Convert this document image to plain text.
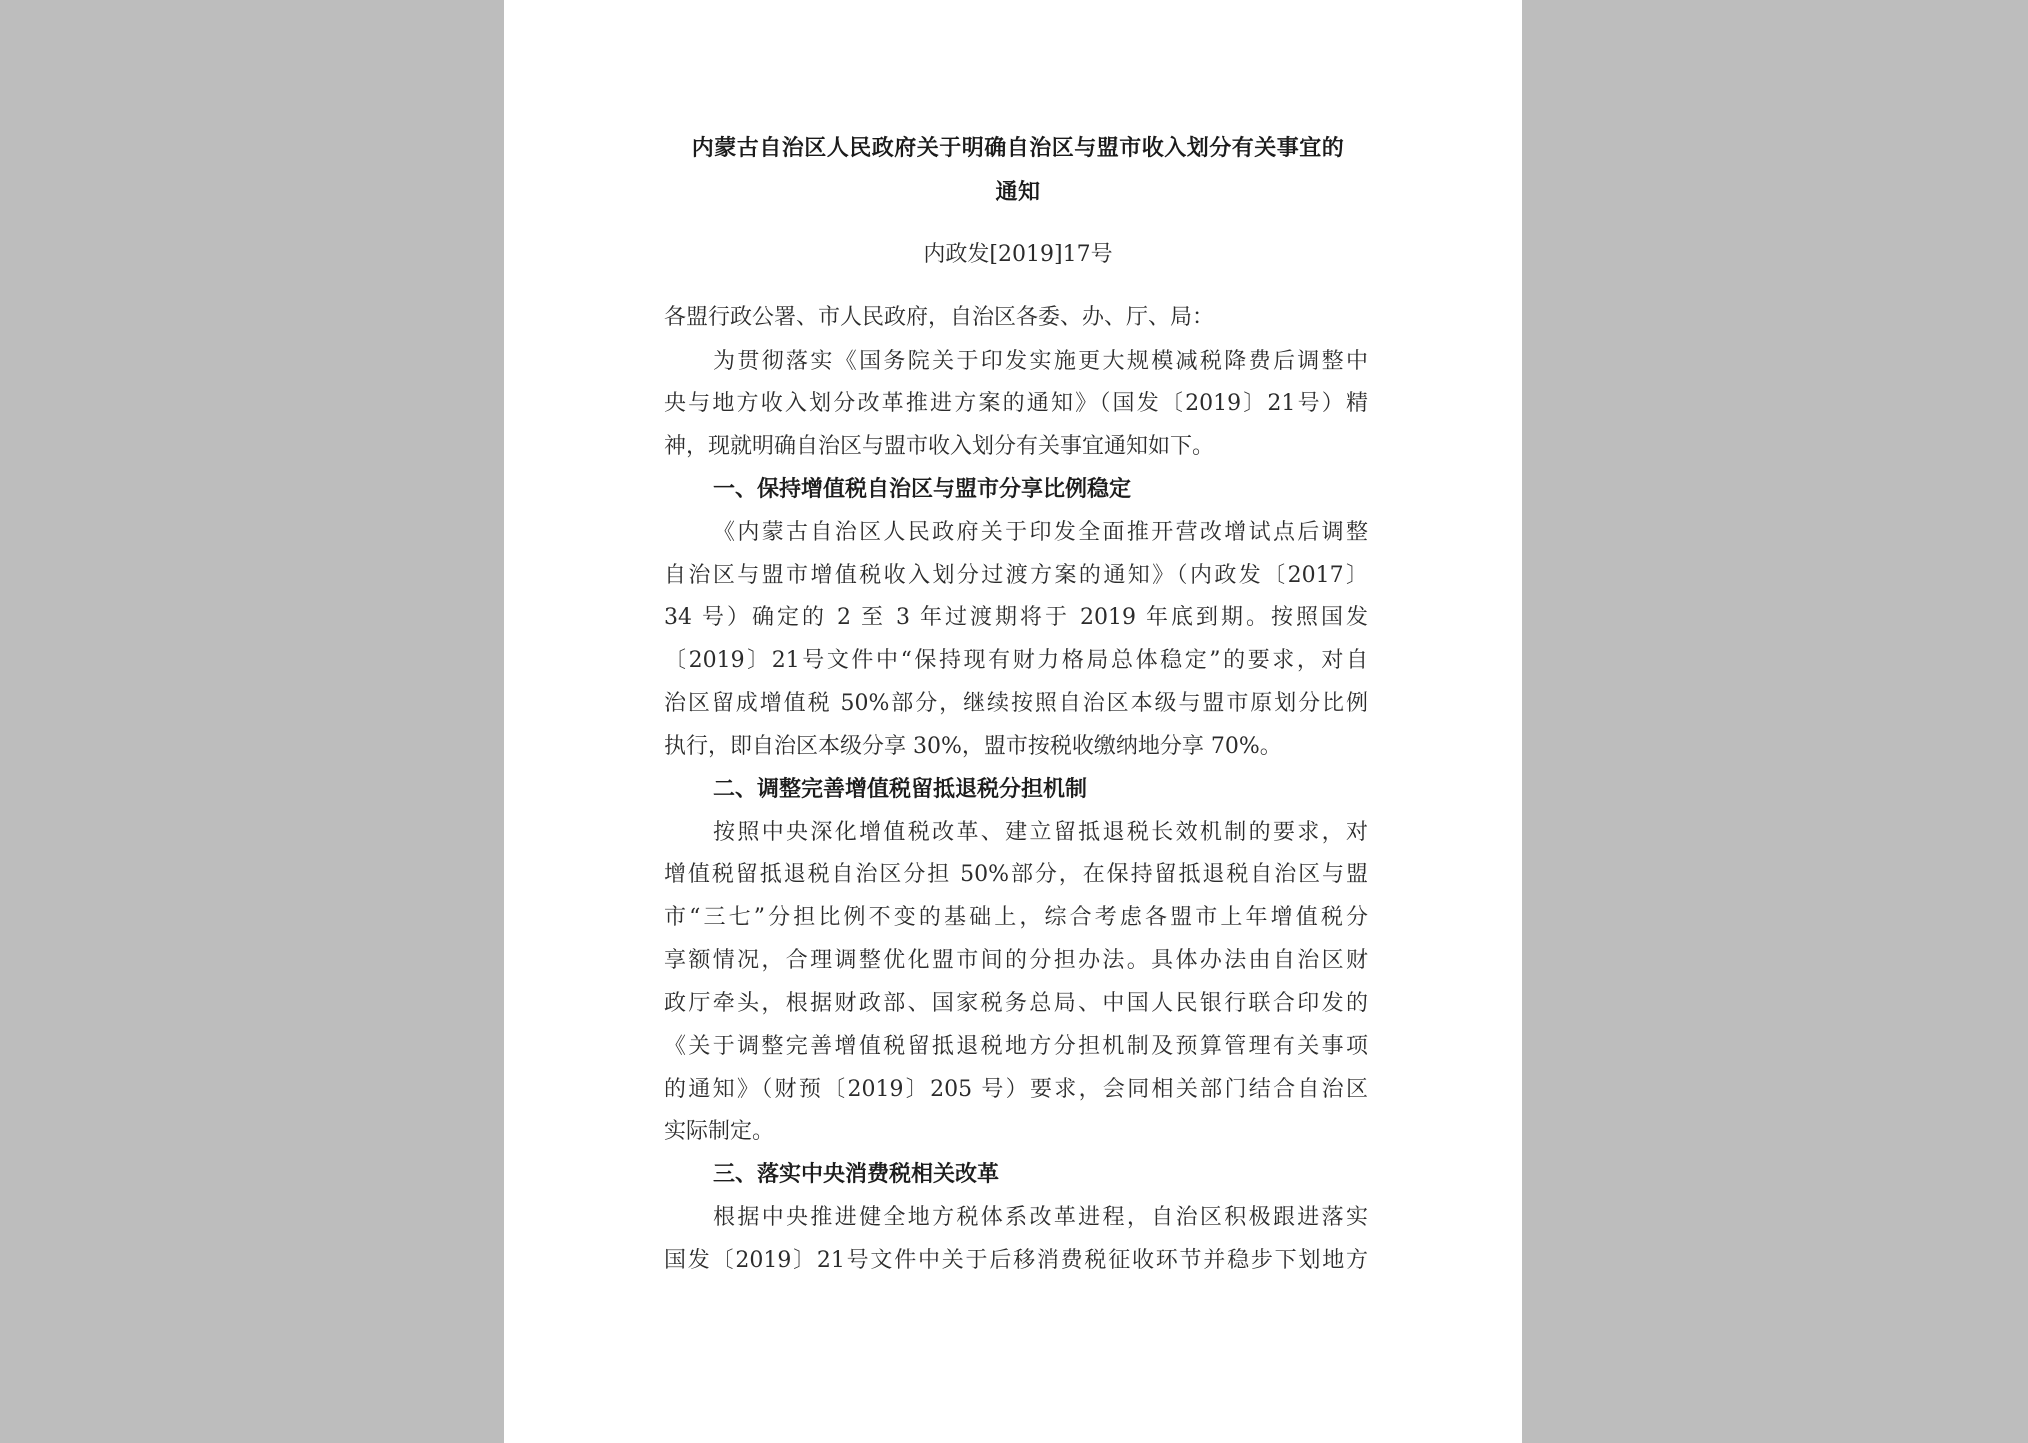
内蒙古自治区人民政府关于明确自治区与盟市收入划分有关事宜的
通知
内政发[2019]17号
各盟行政公署、市人民政府，自治区各委、办、厅、局：
为贯彻落实《国务院关于印发实施更大规模减税降费后调整中
央与地方收入划分改革推进方案的通知》（国发〔2019〕21号）精
神，现就明确自治区与盟市收入划分有关事宜通知如下。
一、保持增值税自治区与盟市分享比例稳定
《内蒙古自治区人民政府关于印发全面推开营改增试点后调整
自治区与盟市增值税收入划分过渡方案的通知》（内政发〔2017〕
34 号）确定的 2 至 3 年过渡期将于 2019 年底到期。按照国发
〔2019〕21号文件中“保持现有财力格局总体稳定”的要求，对自
治区留成增值税 50%部分，继续按照自治区本级与盟市原划分比例
执行，即自治区本级分享 30%，盟市按税收缴纳地分享 70%。
二、调整完善增值税留抵退税分担机制
按照中央深化增值税改革、建立留抵退税长效机制的要求，对
增值税留抵退税自治区分担 50%部分，在保持留抵退税自治区与盟
市“三七”分担比例不变的基础上，综合考虑各盟市上年增值税分
享额情况，合理调整优化盟市间的分担办法。具体办法由自治区财
政厅牵头，根据财政部、国家税务总局、中国人民银行联合印发的
《关于调整完善增值税留抵退税地方分担机制及预算管理有关事项
的通知》（财预〔2019〕205 号）要求，会同相关部门结合自治区
实际制定。
三、落实中央消费税相关改革
根据中央推进健全地方税体系改革进程，自治区积极跟进落实
国发〔2019〕21号文件中关于后移消费税征收环节并稳步下划地方
